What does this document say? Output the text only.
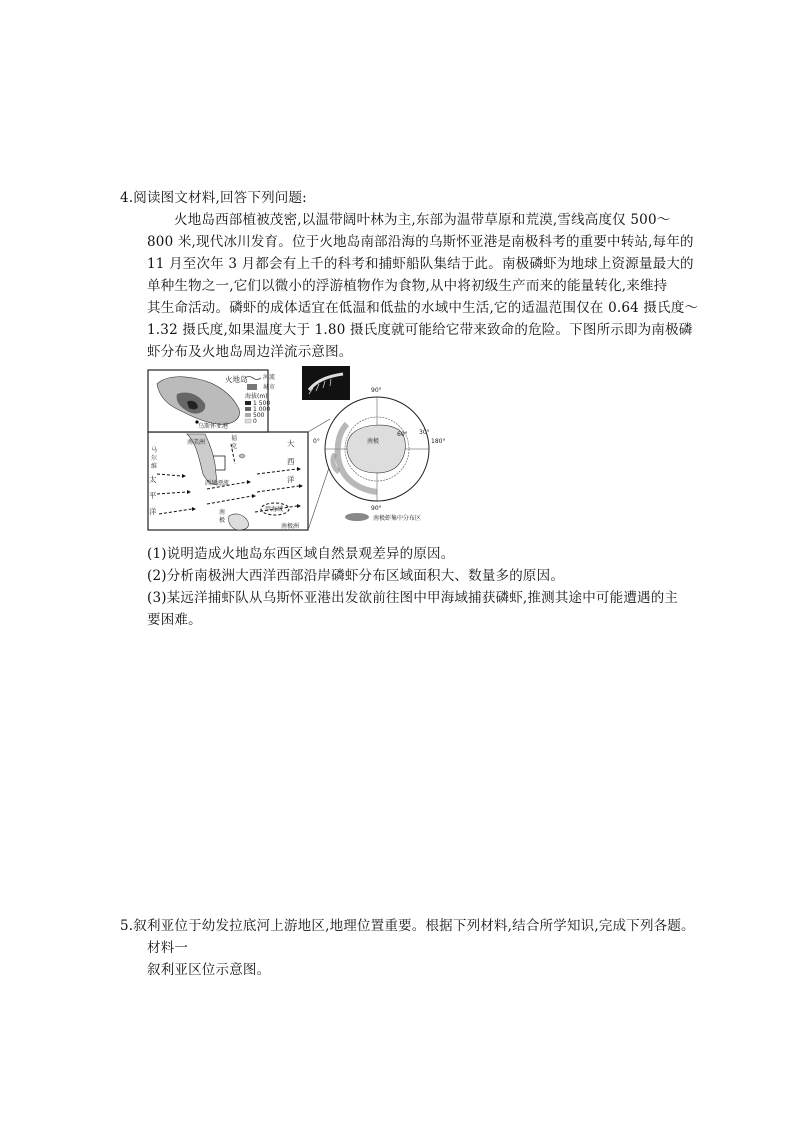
4.阅读图文材料,回答下列问题:
火地岛西部植被茂密,以温带阔叶林为主,东部为温带草原和荒漠,雪线高度仅 500～
800 米,现代冰川发育。位于火地岛南部沿海的乌斯怀亚港是南极科考的重要中转站,每年的
11 月至次年 3 月都会有上千的科考和捕虾船队集结于此。南极磷虾为地球上资源量最大的
单种生物之一,它们以微小的浮游植物作为食物,从中将初级生产而来的能量转化,来维持
其生命活动。磷虾的成体适宜在低温和低盐的水域中生活,它的适温范围仅在 0.64 摄氏度～
1.32 摄氏度,如果温度大于 1.80 摄氏度就可能给它带来致命的危险。下图所示即为南极磷
虾分布及火地岛周边洋流示意图。
火地岛
乌斯怀亚港
河流
城市
海拔(m)
1 500
1 000
500
0
马
尔
维
太
平
洋
南美洲
福
克	大
西
洋
西风漂流
甲海域
南
极
南极洲
90°
90°
0°	180°
60° 30°
南极
南极虾集中分布区
(1)说明造成火地岛东西区域自然景观差异的原因。
(2)分析南极洲大西洋西部沿岸磷虾分布区域面积大、数量多的原因。
(3)某远洋捕虾队从乌斯怀亚港出发欲前往图中甲海域捕获磷虾,推测其途中可能遭遇的主
要困难。
5.叙利亚位于幼发拉底河上游地区,地理位置重要。根据下列材料,结合所学知识,完成下列各题。
材料一
叙利亚区位示意图。
